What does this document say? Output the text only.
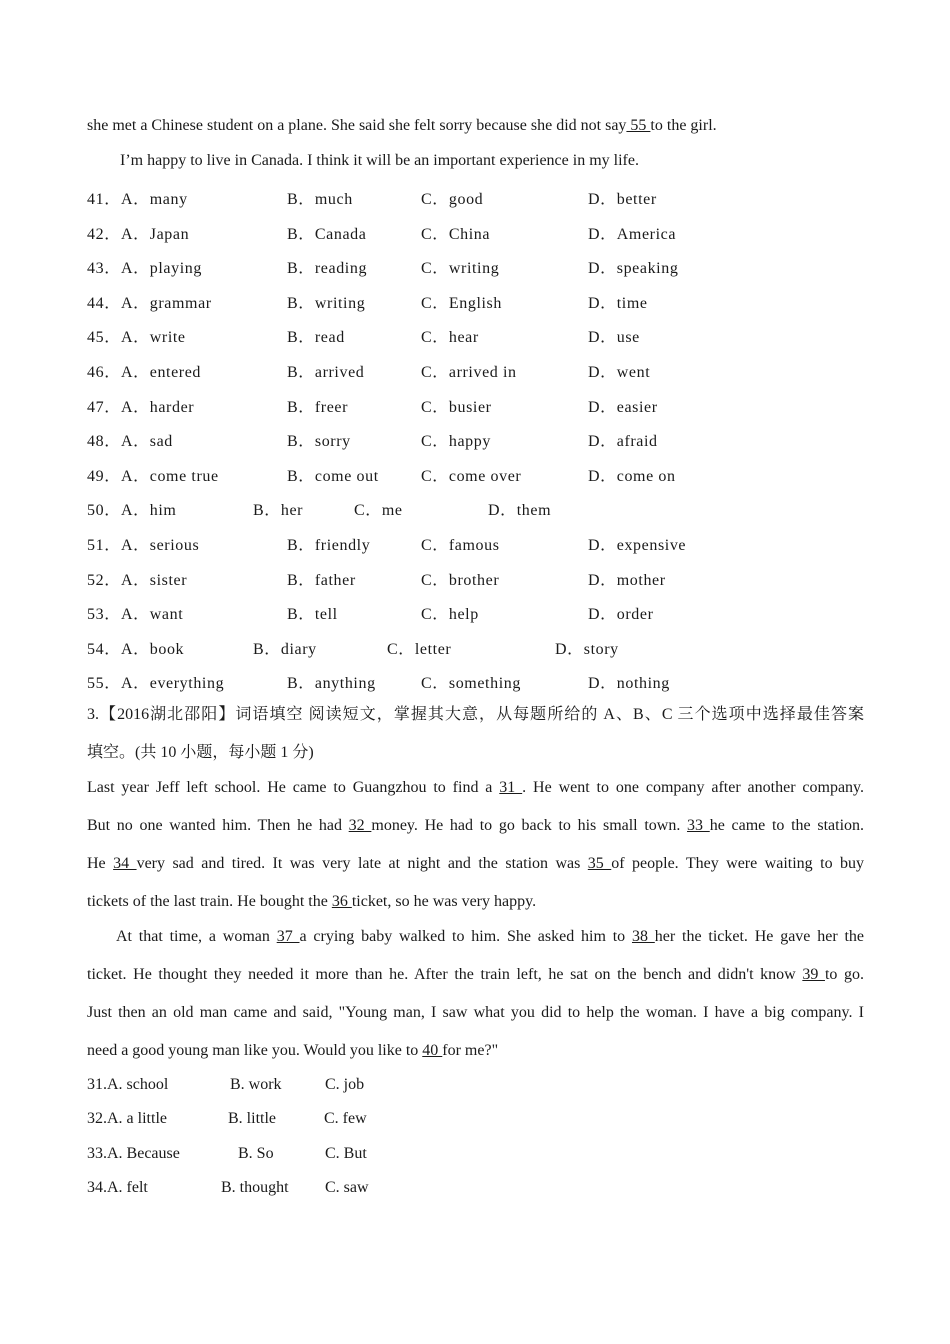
she met a Chinese student on a plane. She said she felt sorry because she did not say 55 to the girl.
I’m happy to live in Canada. I think it will be an important experience in my life.
41． A．many	B．much	C．good	D．better
42． A．Japan	B．Canada	C．China	D．America
43． A．playing	B．reading	C．writing	D．speaking
44． A．grammar	B．writing	C．English	D．time
45． A．write	B．read	C．hear	D．use
46． A．entered	B．arrived	C．arrived in	D．went
47． A．harder	B．freer	C．busier	D．easier
48． A．sad	B．sorry	C．happy	D．afraid
49． A．come true	B．come out	C．come over	D．come on
50． A．him	B．her	C．me	D．them
51． A．serious	B．friendly	C．famous	D．expensive
52． A．sister	B．father	C．brother	D．mother
53． A．want	B．tell	C．help	D．order
54． A．book	B．diary	C．letter	D．story
55． A．everything	B．anything	C．something	D．nothing
3.【2016湖北邵阳】词语填空 阅读短文，掌握其大意，从每题所给的 A、B、C 三个选项中选择最佳答案
填空。(共 10 小题，每小题 1 分)
Last year Jeff left school. He came to Guangzhou to find a 31 . He went to one company after another company.
But no one wanted him. Then he had 32 money. He had to go back to his small town. 33 he came to the station.
He 34 very sad and tired. It was very late at night and the station was 35 of people. They were waiting to buy
tickets of the last train. He bought the 36 ticket, so he was very happy.
At that time, a woman 37 a crying baby walked to him. She asked him to 38 her the ticket. He gave her the
ticket. He thought they needed it more than he. After the train left, he sat on the bench and didn't know 39 to go.
Just then an old man came and said, "Young man, I saw what you did to help the woman. I have a big company. I
need a good young man like you. Would you like to 40 for me?"
31.A. school	B. work	C. job
32.A. a little	B. little	C. few
33.A. Because	B. So	C. But
34.A. felt	B. thought C. saw
